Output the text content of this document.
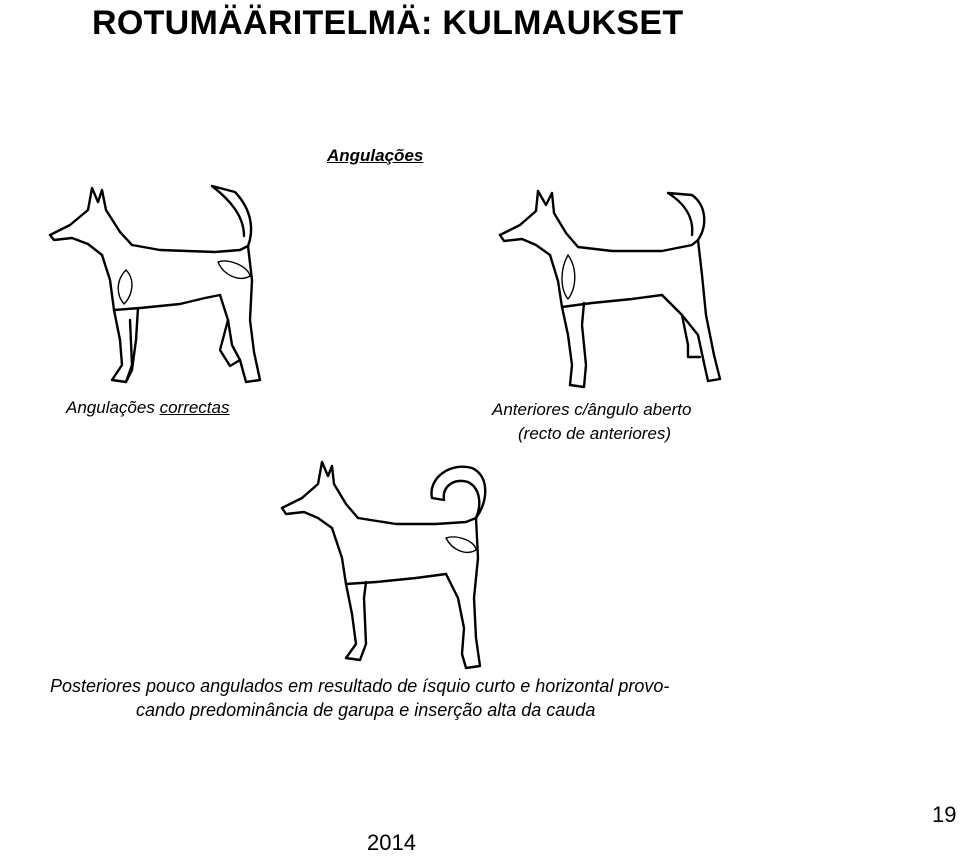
ROTUMÄÄRITELMÄ: KULMAUKSET
Angulações
Angulações correctas	Anteriores c/ângulo aberto
(recto de anteriores)
Posteriores pouco angulados em resultado de ísquio curto e horizontal provo-
cando predominância de garupa e inserção alta da cauda
2014
19
